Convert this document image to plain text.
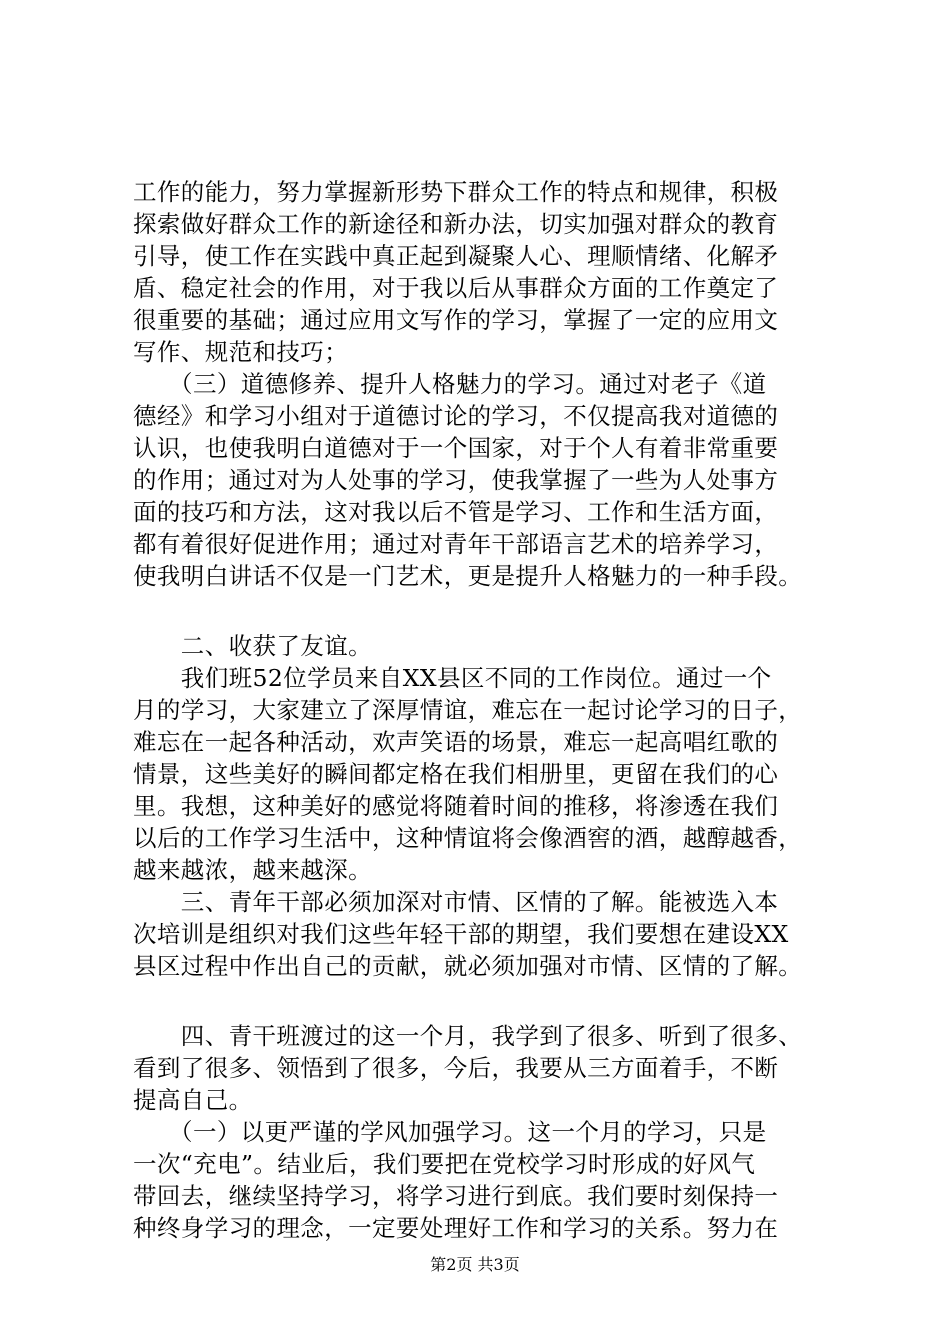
工作的能力，努力掌握新形势下群众工作的特点和规律，积极
探索做好群众工作的新途径和新办法，切实加强对群众的教育
引导，使工作在实践中真正起到凝聚人心、理顺情绪、化解矛
盾、稳定社会的作用，对于我以后从事群众方面的工作奠定了
很重要的基础；通过应用文写作的学习，掌握了一定的应用文
写作、规范和技巧；
　　（三）道德修养、提升人格魅力的学习。通过对老子《道
德经》和学习小组对于道德讨论的学习，不仅提高我对道德的
认识，也使我明白道德对于一个国家，对于个人有着非常重要
的作用；通过对为人处事的学习，使我掌握了一些为人处事方
面的技巧和方法，这对我以后不管是学习、工作和生活方面，
都有着很好促进作用；通过对青年干部语言艺术的培养学习，
使我明白讲话不仅是一门艺术，更是提升人格魅力的一种手段。
　　二、收获了友谊。
　　我们班52位学员来自XX县区不同的工作岗位。通过一个
月的学习，大家建立了深厚情谊，难忘在一起讨论学习的日子，
难忘在一起各种活动，欢声笑语的场景，难忘一起高唱红歌的
情景，这些美好的瞬间都定格在我们相册里，更留在我们的心
里。我想，这种美好的感觉将随着时间的推移，将渗透在我们
以后的工作学习生活中，这种情谊将会像酒窖的酒，越醇越香，
越来越浓，越来越深。
　　三、青年干部必须加深对市情、区情的了解。能被选入本
次培训是组织对我们这些年轻干部的期望，我们要想在建设XX
县区过程中作出自己的贡献，就必须加强对市情、区情的了解。
　　四、青干班渡过的这一个月，我学到了很多、听到了很多、
看到了很多、领悟到了很多，今后，我要从三方面着手，不断
提高自己。
　　（一）以更严谨的学风加强学习。这一个月的学习，只是
一次“充电”。结业后，我们要把在党校学习时形成的好风气
带回去，继续坚持学习，将学习进行到底。我们要时刻保持一
种终身学习的理念，一定要处理好工作和学习的关系。努力在
第2页 共3页
